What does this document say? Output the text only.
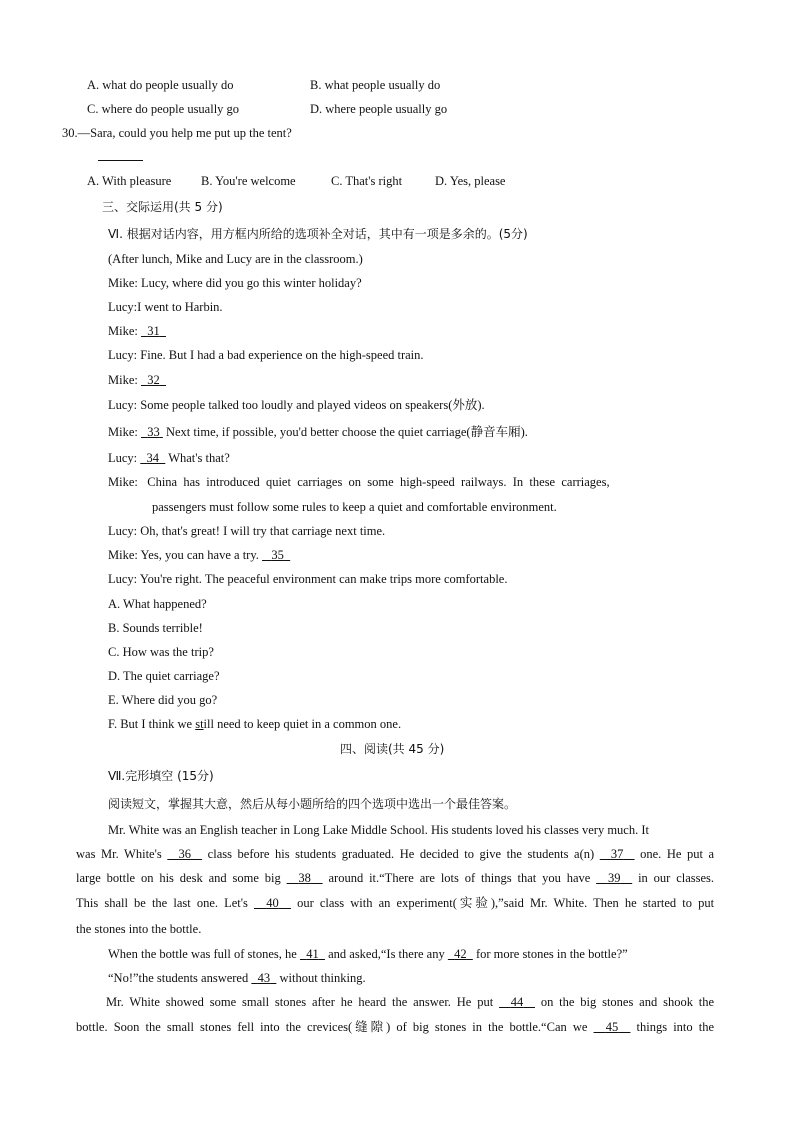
A. what do people usually do	B. what people usually do
C. where do people usually go	D. where people usually go
30.—Sara, could you help me put up the tent?
A. With pleasure B. You're welcome	C. That's right	D. Yes, please
三、交际运用(共 5 分)
Ⅵ. 根据对话内容，用方框内所给的选项补全对话，其中有一项是多余的。(5分)
(After lunch, Mike and Lucy are in the classroom.)
Mike: Lucy, where did you go this winter holiday?
Lucy:I went to Harbin.
Mike: 31
Lucy: Fine. But I had a bad experience on the high-speed train.
Mike: 32
Lucy: Some people talked too loudly and played videos on speakers(外放).
Mike: 33 Next time, if possible, you'd better choose the quiet carriage(静音车厢).
Lucy: 34 What's that?
Mike:   China  has  introduced  quiet  carriages  on  some  high-speed  railways.  In  these  carriages,
passengers must follow some rules to keep a quiet and comfortable environment.
Lucy: Oh, that's great! I will try that carriage next time.
Mike: Yes, you can have a try. 35
Lucy: You're right. The peaceful environment can make trips more comfortable.
A. What happened?
B. Sounds terrible!
C. How was the trip?
D. The quiet carriage?
E. Where did you go?
F. But I think we still need to keep quiet in a common one.
四、阅读(共 45 分)
Ⅶ.完形填空 (15分)
阅读短文，掌握其大意，然后从每小题所给的四个选项中选出一个最佳答案。
Mr. White was an English teacher in Long Lake Middle School. His students loved his classes very much. It
was Mr. White's 36 class before his students graduated. He decided to give the students a(n) 37 one. He put a
large bottle on his desk and some big 38 around it.“There are lots of things that you have 39 in our classes.
This shall be the last one. Let's 40 our class with an experiment(实验),”said Mr. White. Then he started to put
the stones into the bottle.
When the bottle was full of stones, he 41 and asked,“Is there any 42 for more stones in the bottle?”
“No!”the students answered 43 without thinking.
Mr. White showed some small stones after he heard the answer. He put 44 on the big stones and shook the
bottle. Soon the small stones fell into the crevices(缝隙) of big stones in the bottle.“Can we 45 things into the
